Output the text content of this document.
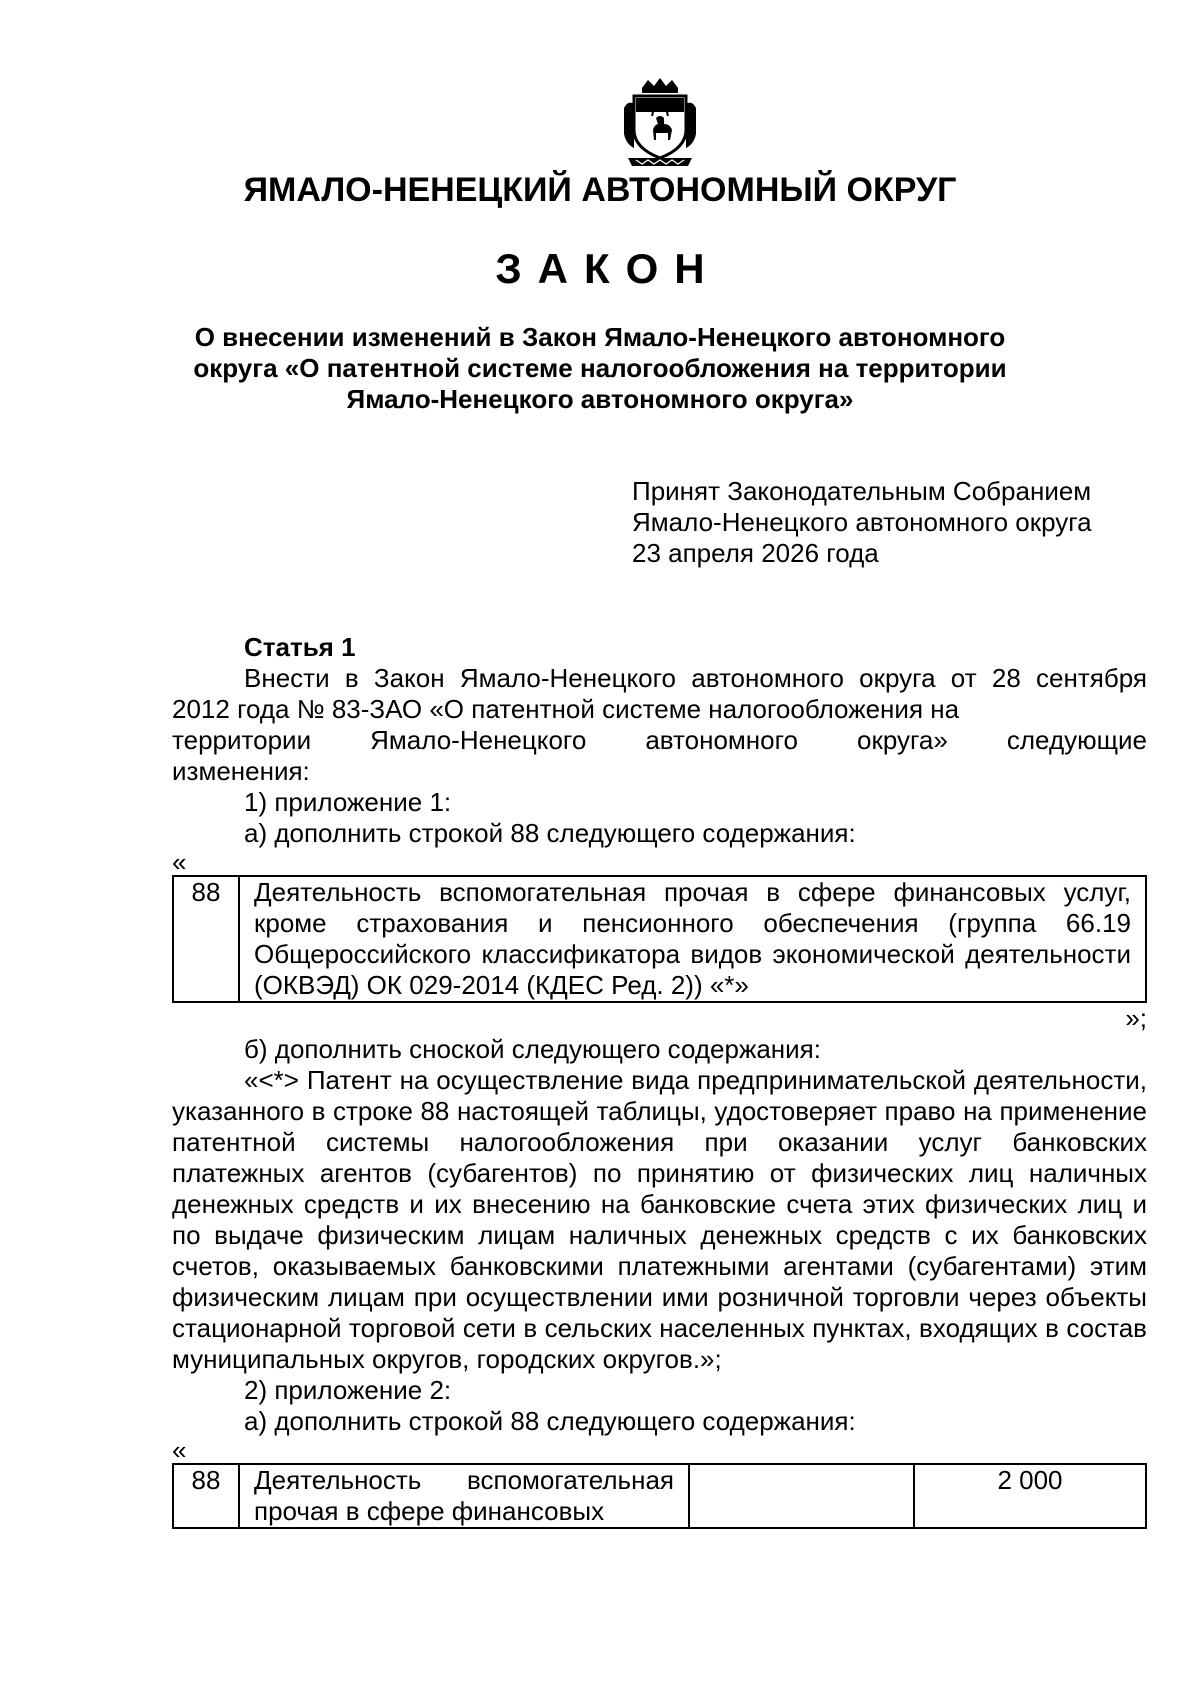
ЯМАЛО-НЕНЕЦКИЙ АВТОНОМНЫЙ ОКРУГ
ЗАКОН
О внесении изменений в Закон Ямало-Ненецкого автономного
округа «О патентной системе налогообложения на территории
Ямало-Ненецкого автономного округа»
Принят Законодательным Собранием
Ямало-Ненецкого автономного округа
23 апреля 2026 года

Статья 1

Внести в Закон Ямало-Ненецкого автономного округа от 28 сентября 2012 года № 83-ЗАО «О патентной системе налогообложения на

территории Ямало-Ненецкого автономного округа» следующие

изменения:

1) приложение 1:

а) дополнить строкой 88 следующего содержания:

«

88	Деятельность вспомогательная прочая в сфере финансовых услуг, кроме страхования и пенсионного обеспечения (группа 66.19 Общероссийского классификатора видов экономической деятельности (ОКВЭД) ОК 029-2014 (КДЕС Ред. 2)) «*»

»;

б) дополнить сноской следующего содержания:

«<*> Патент на осуществление вида предпринимательской деятельности, указанного в строке 88 настоящей таблицы, удостоверяет право на применение патентной системы налогообложения при оказании услуг банковских платежных агентов (субагентов) по принятию от физических лиц наличных денежных средств и их внесению на банковские счета этих физических лиц и по выдаче физическим лицам наличных денежных средств с их банковских счетов, оказываемых банковскими платежными агентами (субагентами) этим физическим лицам при осуществлении ими розничной торговли через объекты стационарной торговой сети в сельских населенных пунктах, входящих в состав муниципальных округов, городских округов.»;

2) приложение 2:

а) дополнить строкой 88 следующего содержания:

«

88	Деятельность вспомогательная прочая в сфере финансовых		2 000
